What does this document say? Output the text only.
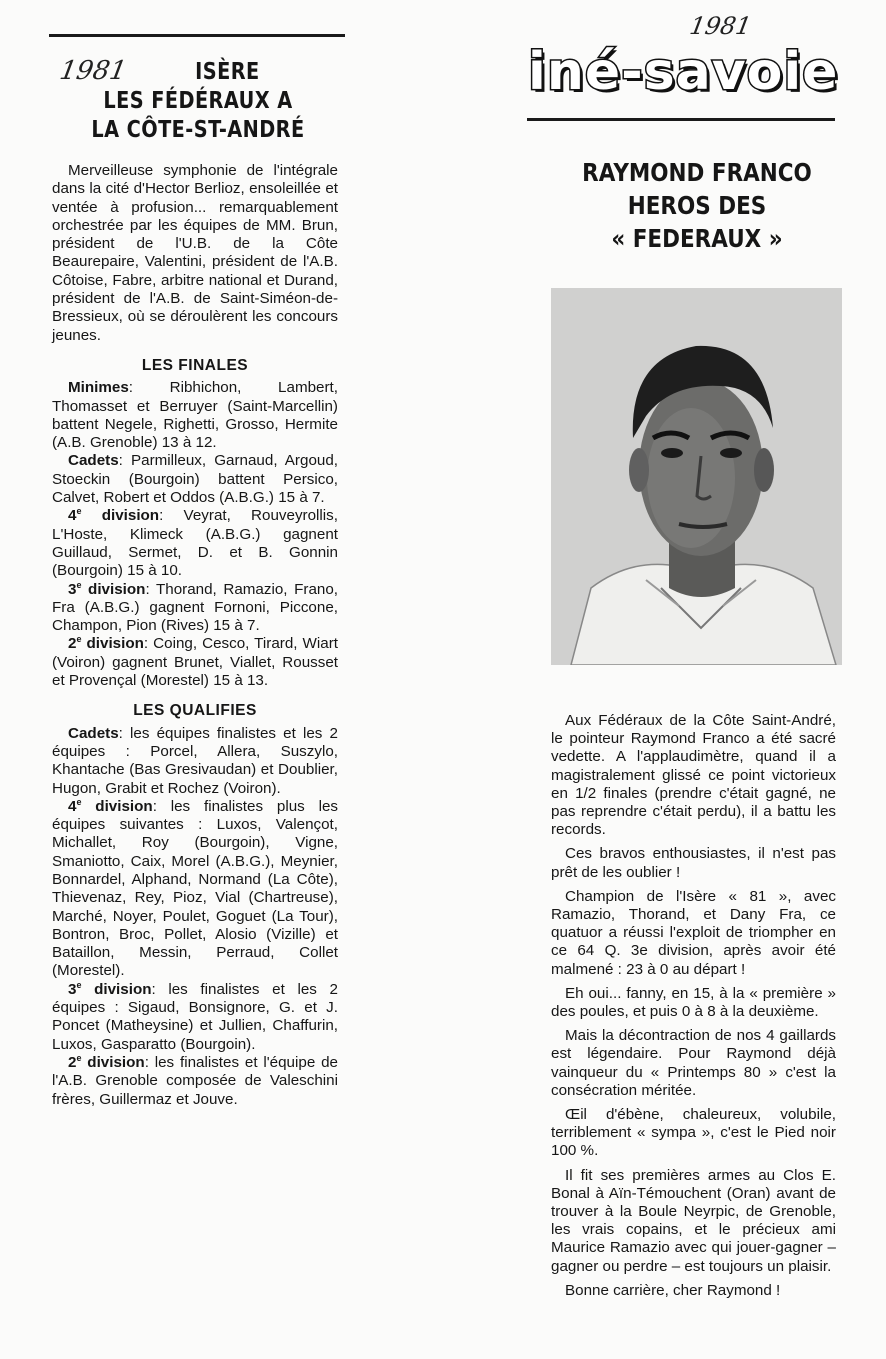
1981	ISÈRE
LES FÉDÉRAUX A
LA CÔTE-ST-ANDRÉ

Merveilleuse symphonie de l'intégrale dans la cité d'Hector Berlioz, ensoleillée et ventée à profusion... remarquablement orchestrée par les équipes de MM. Brun, président de l'U.B. de la Côte Beaurepaire, Valentini, président de l'A.B. Côtoise, Fabre, arbitre national et Durand, président de l'A.B. de Saint-Siméon-de-Bressieux, où se déroulèrent les concours jeunes.

LES FINALES

Minimes: Ribhichon, Lambert, Thomasset et Berruyer (Saint-Marcellin) battent Negele, Righetti, Grosso, Hermite (A.B. Grenoble) 13 à 12.

Cadets: Parmilleux, Garnaud, Argoud, Stoeckin (Bourgoin) battent Persico, Calvet, Robert et Oddos (A.B.G.) 15 à 7.

4e division: Veyrat, Rouveyrollis, L'Hoste, Klimeck (A.B.G.) gagnent Guillaud, Sermet, D. et B. Gonnin (Bourgoin) 15 à 10.

3e division: Thorand, Ramazio, Frano, Fra (A.B.G.) gagnent Fornoni, Piccone, Champon, Pion (Rives) 15 à 7.

2e division: Coing, Cesco, Tirard, Wiart (Voiron) gagnent Brunet, Viallet, Rousset et Provençal (Morestel) 15 à 13.

LES QUALIFIES

Cadets: les équipes finalistes et les 2 équipes : Porcel, Allera, Suszylo, Khantache (Bas Gresivaudan) et Doublier, Hugon, Grabit et Rochez (Voiron).

4e division: les finalistes plus les équipes suivantes : Luxos, Valençot, Michallet, Roy (Bourgoin), Vigne, Smaniotto, Caix, Morel (A.B.G.), Meynier, Bonnardel, Alphand, Normand (La Côte), Thievenaz, Rey, Pioz, Vial (Chartreuse), Marché, Noyer, Poulet, Goguet (La Tour), Bontron, Broc, Pollet, Alosio (Vizille) et Bataillon, Messin, Perraud, Collet (Morestel).

3e division: les finalistes et les 2 équipes : Sigaud, Bonsignore, G. et J. Poncet (Matheysine) et Jullien, Chaffurin, Luxos, Gasparatto (Bourgoin).

2e division: les finalistes et l'équipe de l'A.B. Grenoble composée de Valeschini frères, Guillermaz et Jouve.

1981
iné-savoie
RAYMOND FRANCO
HEROS DES
« FEDERAUX »

Aux Fédéraux de la Côte Saint-André, le pointeur Raymond Franco a été sacré vedette. A l'applaudimètre, quand il a magistralement glissé ce point victorieux en 1/2 finales (prendre c'était gagné, ne pas reprendre c'était perdu), il a battu les records.

Ces bravos enthousiastes, il n'est pas prêt de les oublier !

Champion de l'Isère « 81 », avec Ramazio, Thorand, et Dany Fra, ce quatuor a réussi l'exploit de triompher en ce 64 Q. 3e division, après avoir été malmené : 23 à 0 au départ !

Eh oui... fanny, en 15, à la « première » des poules, et puis 0 à 8 à la deuxième.

Mais la décontraction de nos 4 gaillards est légendaire. Pour Raymond déjà vainqueur du « Printemps 80 » c'est la consécration méritée.

Œil d'ébène, chaleureux, volubile, terriblement « sympa », c'est le Pied noir 100 %.

Il fit ses premières armes au Clos E. Bonal à Aïn-Témouchent (Oran) avant de trouver à la Boule Neyrpic, de Grenoble, les vrais copains, et le précieux ami Maurice Ramazio avec qui jouer-gagner – gagner ou perdre – est toujours un plaisir.

Bonne carrière, cher Raymond !
